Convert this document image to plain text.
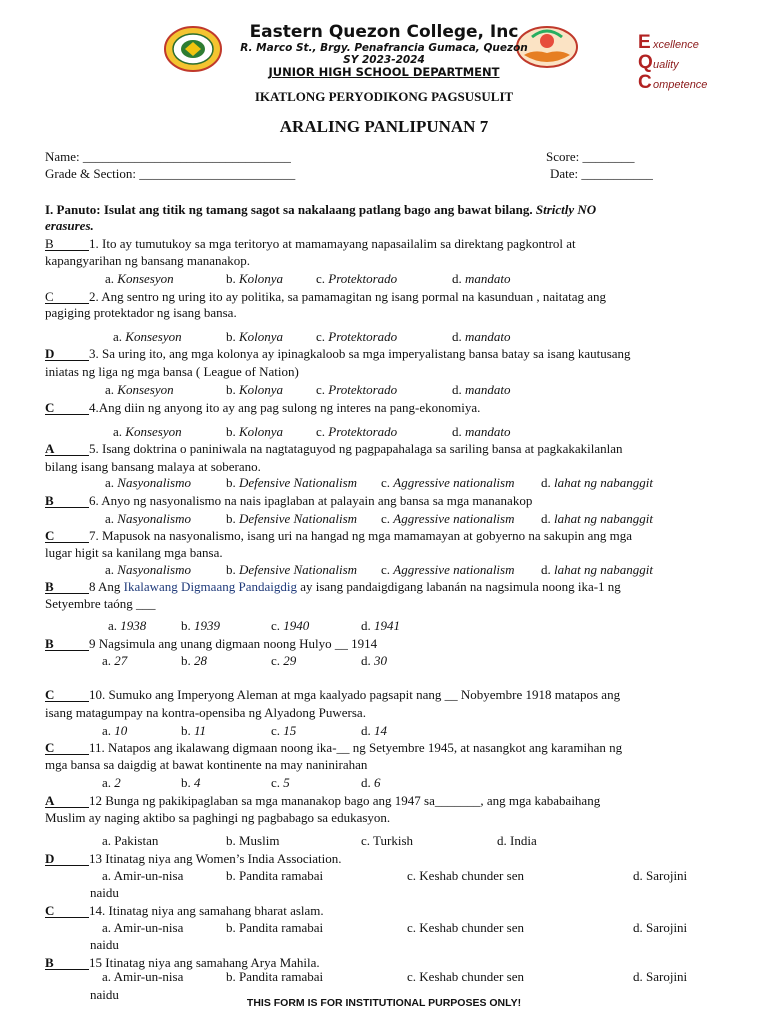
E xcellence
Q uality
C ompetence
Eastern Quezon College, Inc
R. Marco St., Brgy. Penafrancia Gumaca, Quezon
SY 2023-2024
JUNIOR HIGH SCHOOL DEPARTMENT
IKATLONG PERYODIKONG PAGSUSULIT
ARALING PANLIPUNAN 7
Name: ________________________________	Score: ________
Grade & Section: ________________________	Date: ___________
I. Panuto: Isulat ang titik ng tamang sagot sa nakalaang patlang bago ang bawat bilang. Strictly NO
erasures.
B	1. Ito ay tumutukoy sa mga teritoryo at mamamayang napasailalim sa direktang pagkontrol at
kapangyarihan ng bansang mananakop.
a. Konsesyon	b. Kolonya	c. Protektorado	d. mandato
C	2. Ang sentro ng uring ito ay politika, sa pamamagitan ng isang pormal na kasunduan , naitatag ang
pagiging protektador ng isang bansa.
a. Konsesyon	b. Kolonya	c. Protektorado	d. mandato
D	3. Sa uring ito, ang mga kolonya ay ipinagkaloob sa mga imperyalistang bansa batay sa isang kautusang
iniatas ng liga ng mga bansa ( League of Nation)
a. Konsesyon	b. Kolonya	c. Protektorado	d. mandato
C	4.Ang diin ng anyong ito ay ang pag sulong ng interes na pang-ekonomiya.
a. Konsesyon	b. Kolonya	c. Protektorado	d. mandato
A	5. Isang doktrina o paniniwala na nagtataguyod ng pagpapahalaga sa sariling bansa at pagkakakilanlan
bilang isang bansang malaya at soberano.
a. Nasyonalismo	b. Defensive Nationalism c. Aggressive nationalism d. lahat ng nabanggit
B	6. Anyo ng nasyonalismo na nais ipaglaban at palayain ang bansa sa mga mananakop
a. Nasyonalismo	b. Defensive Nationalism c. Aggressive nationalism d. lahat ng nabanggit
C	7. Mapusok na nasyonalismo, isang uri na hangad ng mga mamamayan at gobyerno na sakupin ang mga
lugar higit sa kanilang mga bansa.
a. Nasyonalismo	b. Defensive Nationalism c. Aggressive nationalism d. lahat ng nabanggit
B	8 Ang Ikalawang Digmaang Pandaigdig ay isang pandaigdigang labanán na nagsimula noong ika-1 ng
Setyembre taóng ___
a. 1938	b. 1939	c. 1940	d. 1941
B	9 Nagsimula ang unang digmaan noong Hulyo __ 1914
a. 27	b. 28	c. 29	d. 30
C	10. Sumuko ang Imperyong Aleman at mga kaalyado pagsapit nang __ Nobyembre 1918 matapos ang
isang matagumpay na kontra-opensiba ng Alyadong Puwersa.
a. 10	b. 11	c. 15	d. 14
C	11. Natapos ang ikalawang digmaan noong ika-__ ng Setyembre 1945, at nasangkot ang karamihan ng
mga bansa sa daigdig at bawat kontinente na may naninirahan
a. 2	b. 4	c. 5	d. 6
A	12 Bunga ng pakikipaglaban sa mga mananakop bago ang 1947 sa_______, ang mga kababaihang
Muslim ay naging aktibo sa paghingi ng pagbabago sa edukasyon.
a. Pakistan	b. Muslim	c. Turkish	d. India
D	13 Itinatag niya ang Women’s India Association.
a. Amir-un-nisa	b. Pandita ramabai	c. Keshab chunder sen	d. Sarojini
naidu
C	14. Itinatag niya ang samahang bharat aslam.
a. Amir-un-nisa	b. Pandita ramabai	c. Keshab chunder sen	d. Sarojini
naidu
B	15 Itinatag niya ang samahang Arya Mahila.
a. Amir-un-nisa	b. Pandita ramabai	c. Keshab chunder sen	d. Sarojini
naidu
THIS FORM IS FOR INSTITUTIONAL PURPOSES ONLY!
